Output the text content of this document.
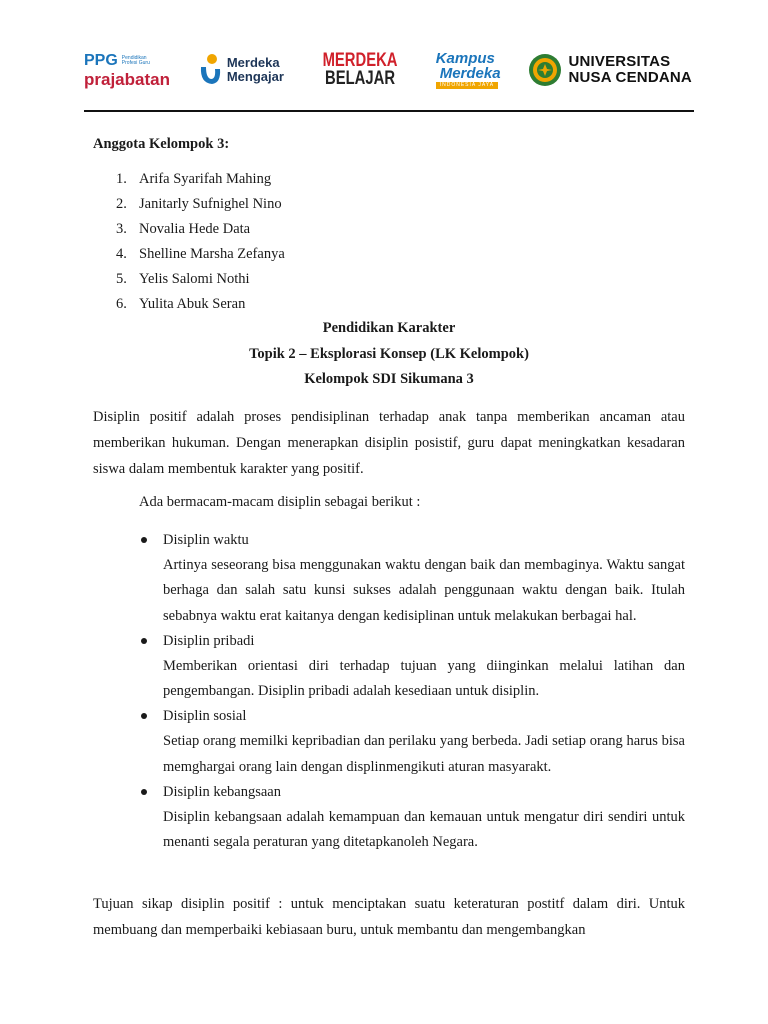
PPG Pendidikan Profesi Guru
prajabatan
Merdeka
Mengajar
MERDEKA
BELAJAR
Kampus
Merdeka
INDONESIA JAYA
UNIVERSITAS
NUSA CENDANA
Anggota Kelompok 3:
1. Arifa Syarifah Mahing
2. Janitarly Sufnighel Nino
3. Novalia Hede Data
4. Shelline Marsha Zefanya
5. Yelis Salomi Nothi
6. Yulita Abuk Seran
Pendidikan Karakter
Topik 2 – Eksplorasi Konsep (LK Kelompok)
Kelompok SDI Sikumana 3

Disiplin positif adalah proses pendisiplinan terhadap anak tanpa memberikan ancaman atau memberikan hukuman. Dengan menerapkan disiplin posistif, guru dapat meningkatkan kesadaran siswa dalam membentuk karakter yang positif.

Ada bermacam-macam disiplin sebagai berikut :
Disiplin waktu
Artinya seseorang bisa menggunakan waktu dengan baik dan membaginya. Waktu sangat berhaga dan salah satu kunsi sukses adalah penggunaan waktu dengan baik. Itulah sebabnya waktu erat kaitanya dengan kedisiplinan untuk melakukan berbagai hal.
Disiplin pribadi
Memberikan orientasi diri terhadap tujuan yang diinginkan melalui latihan dan pengembangan. Disiplin pribadi adalah kesediaan untuk disiplin.
Disiplin sosial
Setiap orang memilki kepribadian dan perilaku yang berbeda. Jadi setiap orang harus bisa memghargai orang lain dengan displinmengikuti aturan masyarakt.
Disiplin kebangsaan
Disiplin kebangsaan adalah kemampuan dan kemauan untuk mengatur diri sendiri untuk menanti segala peraturan yang ditetapkanoleh Negara.

Tujuan sikap disiplin positif : untuk menciptakan suatu keteraturan postitf dalam diri. Untuk membuang dan memperbaiki kebiasaan buru, untuk membantu dan mengembangkan
